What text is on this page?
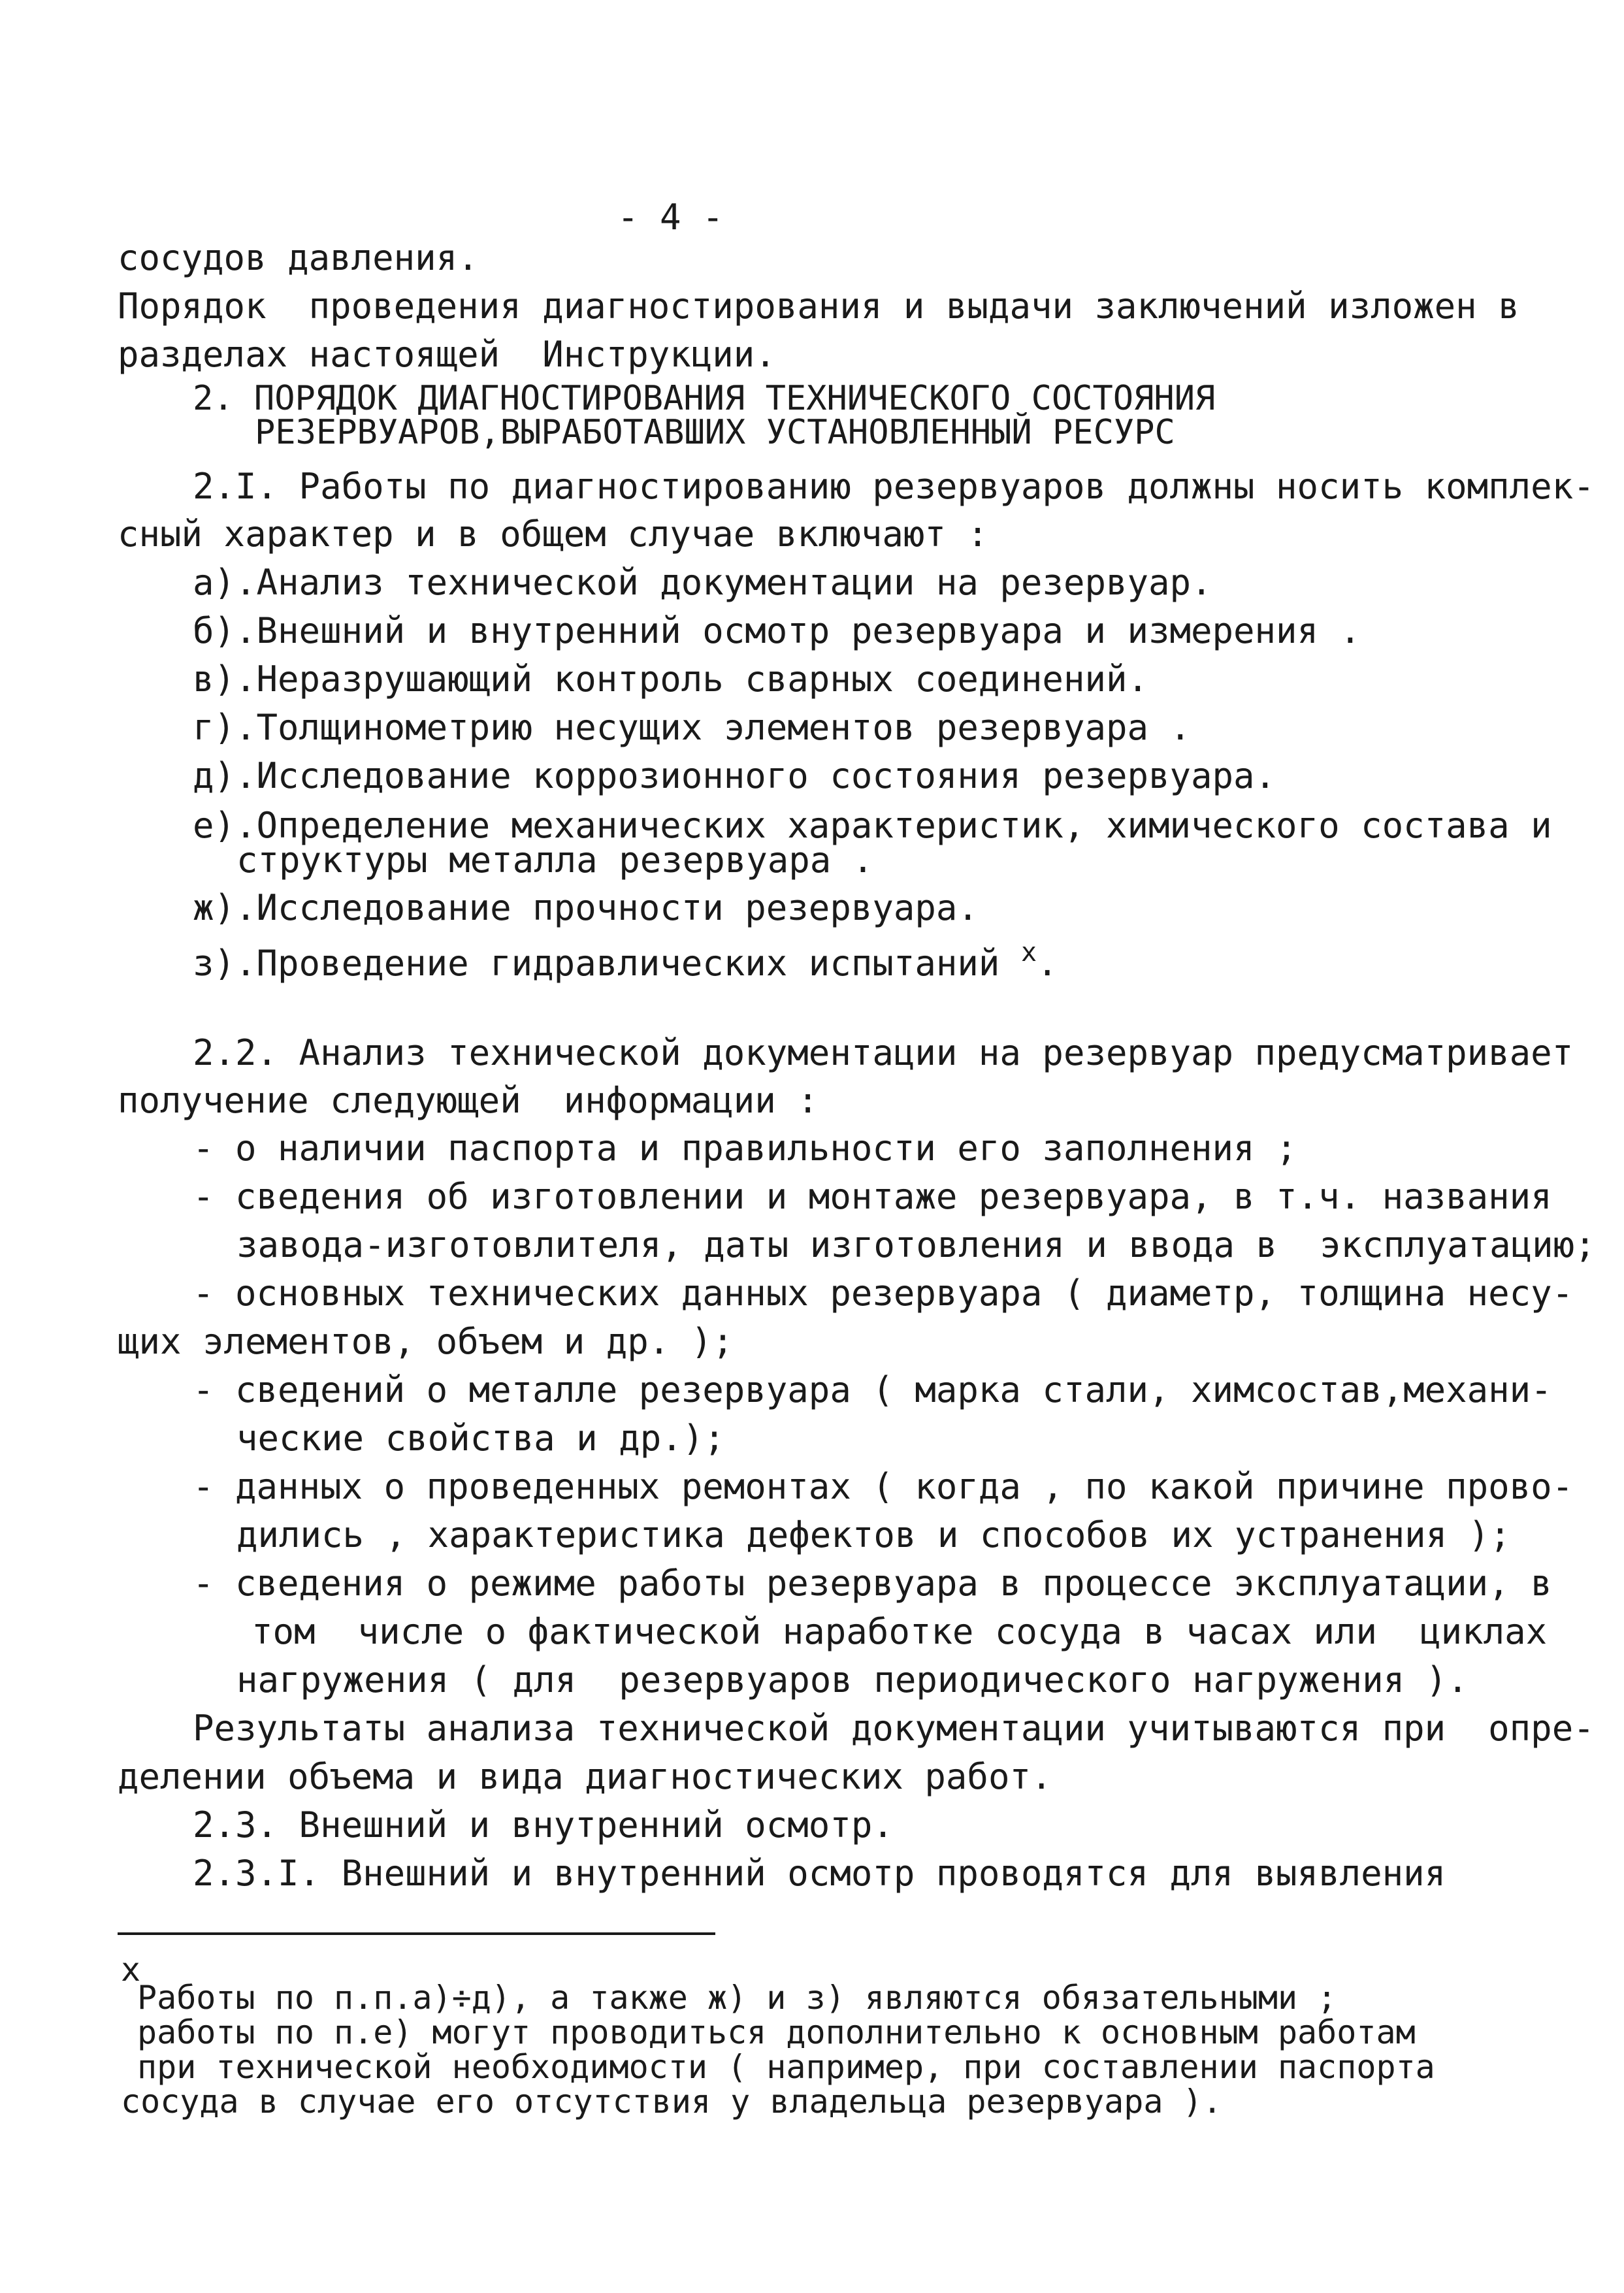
- 4 -
сосудов давления.
Порядок  проведения диагностирования и выдачи заключений изложен в
разделах настоящей  Инструкции.
2. ПОРЯДОК ДИАГНОСТИРОВАНИЯ ТЕХНИЧЕСКОГО СОСТОЯНИЯ
РЕЗЕРВУАРОВ,ВЫРАБОТАВШИХ УСТАНОВЛЕННЫЙ РЕСУРС
2.I. Работы по диагностированию резервуаров должны носить комплек-
сный характер и в общем случае включают :
а).Анализ технической документации на резервуар.
б).Внешний и внутренний осмотр резервуара и измерения .
в).Неразрушающий контроль сварных соединений.
г).Толщинометрию несущих элементов резервуара .
д).Исследование коррозионного состояния резервуара.
е).Определение механических характеристик, химического состава и
структуры металла резервуара .
ж).Исследование прочности резервуара.
з).Проведение гидравлических испытаний $^x$.
2.2. Анализ технической документации на резервуар предусматривает
получение следующей  информации :
- о наличии паспорта и правильности его заполнения ;
- сведения об изготовлении и монтаже резервуара, в т.ч. названия
завода-изготовлителя, даты изготовления и ввода в  эксплуатацию;
- основных технических данных резервуара ( диаметр, толщина несу-
щих элементов, объем и др. );
- сведений о металле резервуара ( марка стали, химсостав,механи-
ческие свойства и др.);
- данных о проведенных ремонтах ( когда , по какой причине прово-
дились , характеристика дефектов и способов их устранения );
- сведения о режиме работы резервуара в процессе эксплуатации, в
том  числе о фактической наработке сосуда в часах или  циклах
нагружения ( для  резервуаров периодического нагружения ).
Результаты анализа технической документации учитываются при  опре-
делении объема и вида диагностических работ.
2.3. Внешний и внутренний осмотр.
2.3.I. Внешний и внутренний осмотр проводятся для выявления
x
Работы по п.п.а)÷д), а также ж) и з) являются обязательными ;
работы по п.е) могут проводиться дополнительно к основным работам
при технической необходимости ( например, при составлении паспорта
сосуда в случае его отсутствия у владельца резервуара ).
